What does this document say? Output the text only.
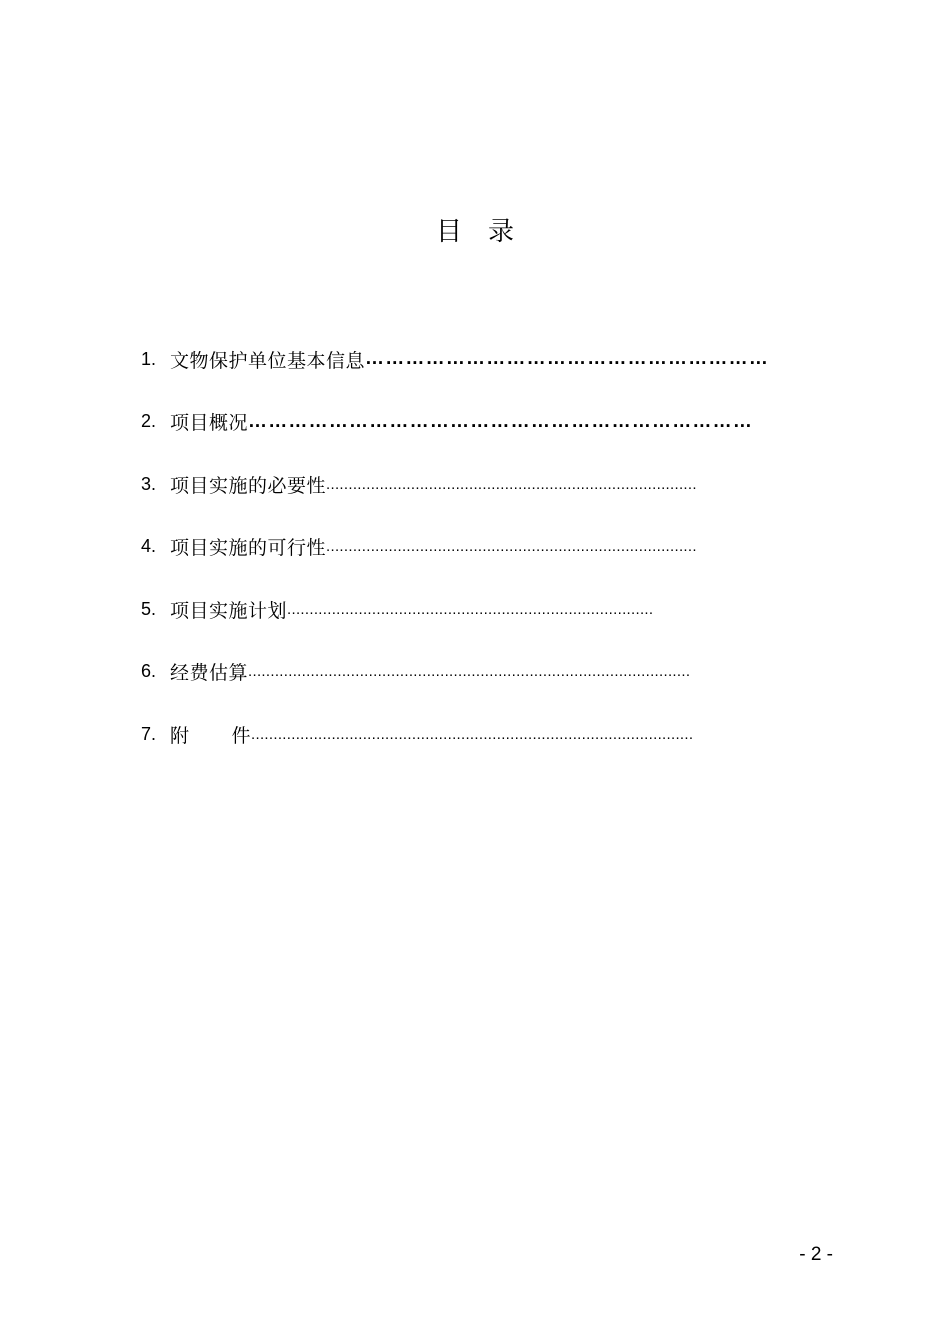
目　录
1. 文物保护单位基本信息 ……………………………………………………
2. 项目概况 …………………………………………………………………
3. 项目实施的必要性 ...................................................................................
4. 项目实施的可行性 ...................................................................................
5. 项目实施计划 ..................................................................................
6. 经费估算 ...................................................................................................
7. 附 件 ...................................................................................................
- 2 -
